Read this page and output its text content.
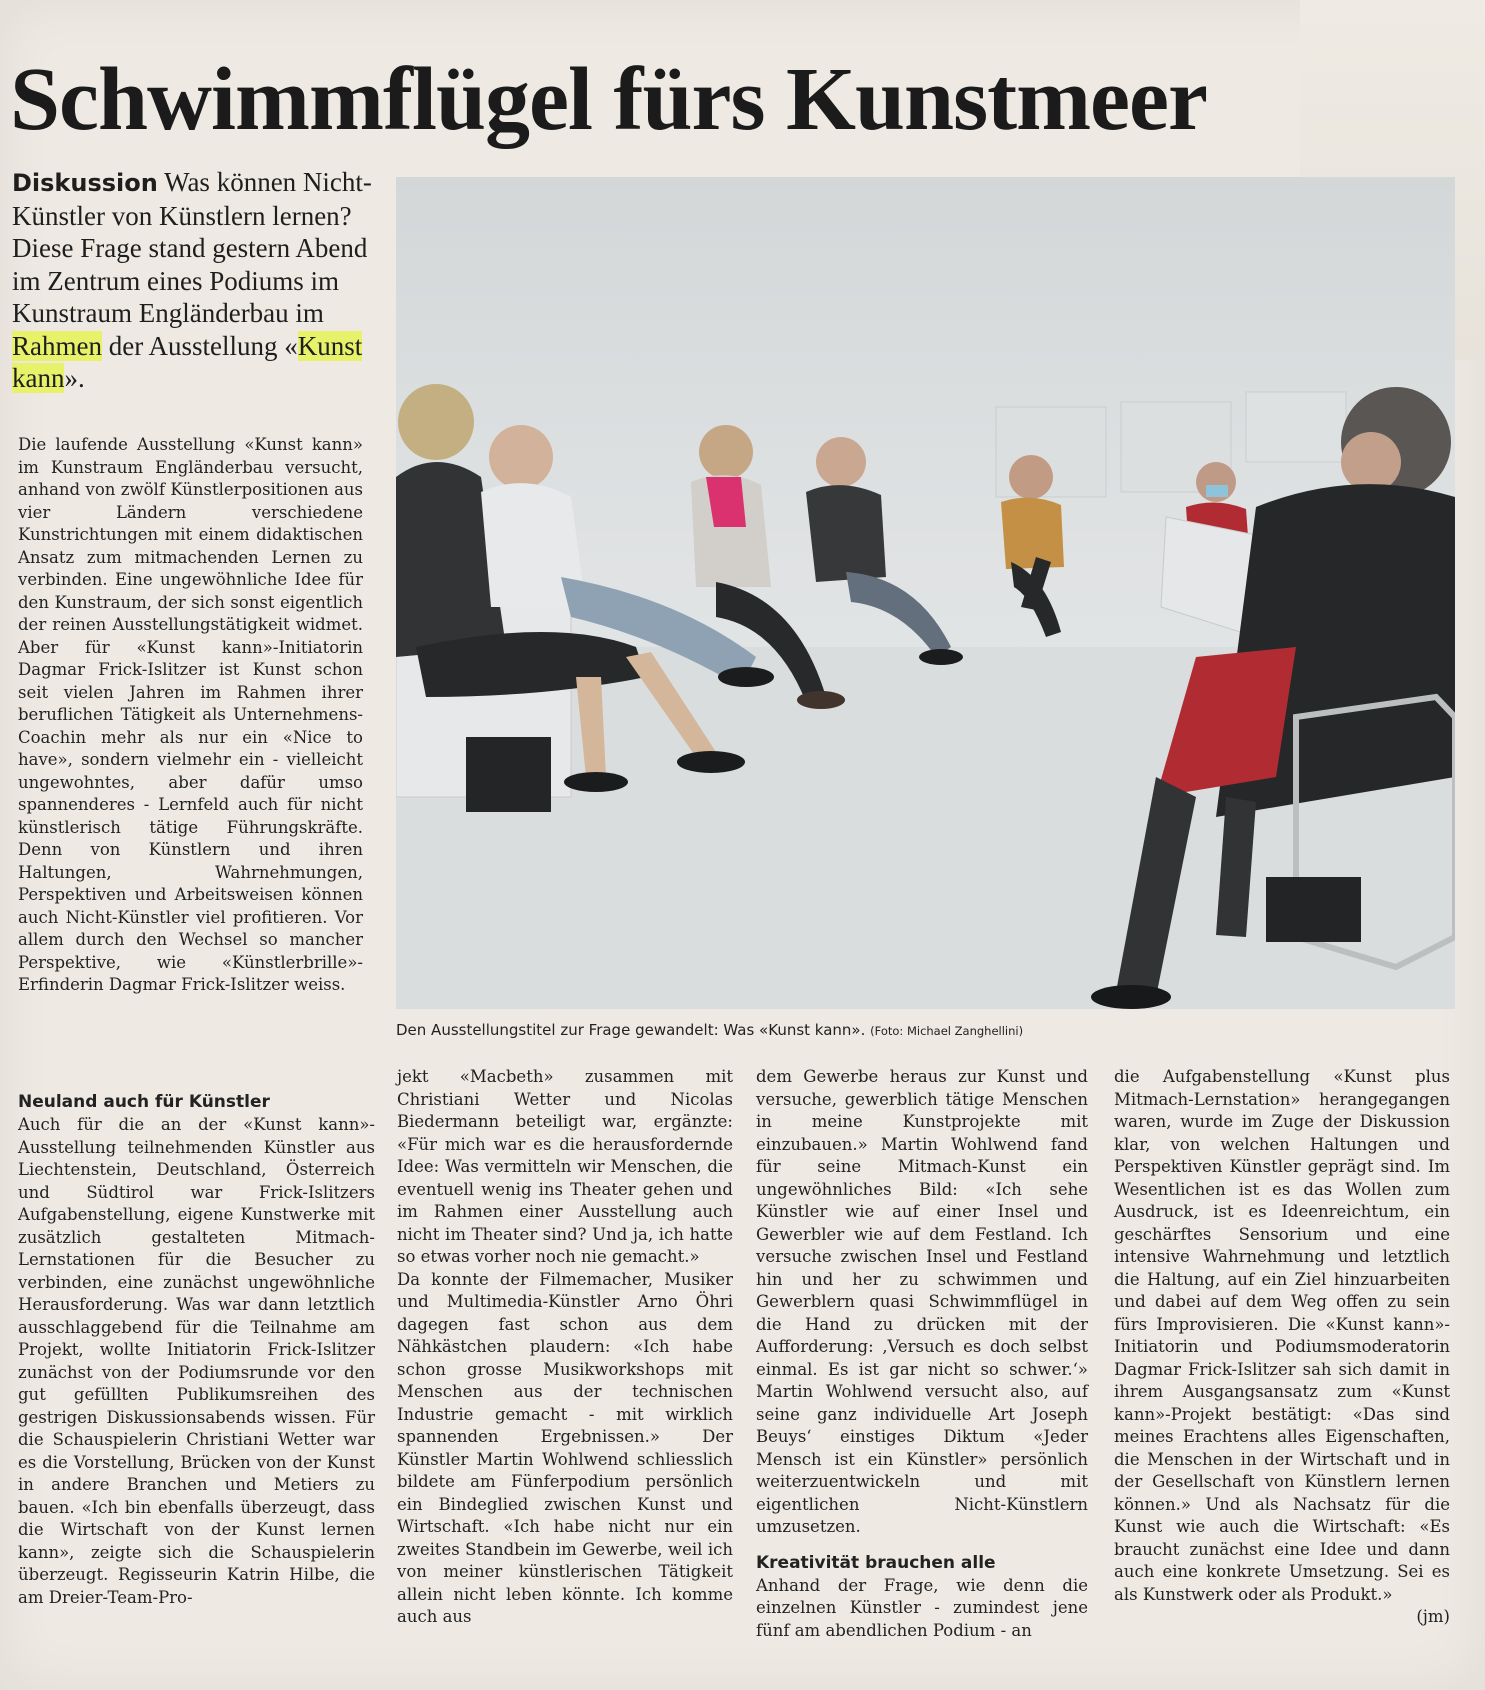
Schwimmflügel fürs Kunstmeer
Diskussion Was können Nicht-Künstler von Künstlern lernen? Diese Frage stand gestern Abend im Zentrum eines Podiums im Kunstraum Engländerbau im Rahmen der Ausstellung «Kunst kann».
Den Ausstellungstitel zur Frage gewandelt: Was «Kunst kann». (Foto: Michael Zanghellini)

Die laufende Ausstellung «Kunst kann» im Kunstraum Engländerbau versucht, anhand von zwölf Künstlerpositionen aus vier Ländern verschiedene Kunstrichtungen mit einem didaktischen Ansatz zum mitmachenden Lernen zu verbinden. Eine ungewöhnliche Idee für den Kunstraum, der sich sonst eigentlich der reinen Ausstellungstätigkeit widmet. Aber für «Kunst kann»-Initiatorin Dagmar Frick-Islitzer ist Kunst schon seit vielen Jahren im Rahmen ihrer beruflichen Tätigkeit als Unternehmens-Coachin mehr als nur ein «Nice to have», sondern vielmehr ein - vielleicht ungewohntes, aber dafür umso spannenderes - Lernfeld auch für nicht künstlerisch tätige Führungskräfte. Denn von Künstlern und ihren Haltungen, Wahrnehmungen, Perspektiven und Arbeitsweisen können auch Nicht-Künstler viel profitieren. Vor allem durch den Wechsel so mancher Perspektive, wie «Künstlerbrille»-Erfinderin Dagmar Frick-Islitzer weiss.

Neuland auch für Künstler

Auch für die an der «Kunst kann»-Ausstellung teilnehmenden Künstler aus Liechtenstein, Deutschland, Österreich und Südtirol war Frick-Islitzers Aufgabenstellung, eigene Kunstwerke mit zusätzlich gestalteten Mitmach-Lernstationen für die Besucher zu verbinden, eine zunächst ungewöhnliche Herausforderung. Was war dann letztlich ausschlaggebend für die Teilnahme am Projekt, wollte Initiatorin Frick-Islitzer zunächst von der Podiumsrunde vor den gut gefüllten Publikumsreihen des gestrigen Diskussionsabends wissen. Für die Schauspielerin Christiani Wetter war es die Vorstellung, Brücken von der Kunst in andere Branchen und Metiers zu bauen. «Ich bin ebenfalls überzeugt, dass die Wirtschaft von der Kunst lernen kann», zeigte sich die Schauspielerin überzeugt. Regisseurin Katrin Hilbe, die am Dreier-Team-Pro-

jekt «Macbeth» zusammen mit Christiani Wetter und Nicolas Biedermann beteiligt war, ergänzte: «Für mich war es die herausfordernde Idee: Was vermitteln wir Menschen, die eventuell wenig ins Theater gehen und im Rahmen einer Ausstellung auch nicht im Theater sind? Und ja, ich hatte so etwas vorher noch nie gemacht.»

Da konnte der Filmemacher, Musiker und Multimedia-Künstler Arno Öhri dagegen fast schon aus dem Nähkästchen plaudern: «Ich habe schon grosse Musikworkshops mit Menschen aus der technischen Industrie gemacht - mit wirklich spannenden Ergebnissen.» Der Künstler Martin Wohlwend schliesslich bildete am Fünferpodium persönlich ein Bindeglied zwischen Kunst und Wirtschaft. «Ich habe nicht nur ein zweites Standbein im Gewerbe, weil ich von meiner künstlerischen Tätigkeit allein nicht leben könnte. Ich komme auch aus

dem Gewerbe heraus zur Kunst und versuche, gewerblich tätige Menschen in meine Kunstprojekte mit einzubauen.» Martin Wohlwend fand für seine Mitmach-Kunst ein ungewöhnliches Bild: «Ich sehe Künstler wie auf einer Insel und Gewerbler wie auf dem Festland. Ich versuche zwischen Insel und Festland hin und her zu schwimmen und Gewerblern quasi Schwimmflügel in die Hand zu drücken mit der Aufforderung: ‚Versuch es doch selbst einmal. Es ist gar nicht so schwer.‘» Martin Wohlwend versucht also, auf seine ganz individuelle Art Joseph Beuys‘ einstiges Diktum «Jeder Mensch ist ein Künstler» persönlich weiterzuentwickeln und mit eigentlichen Nicht-Künstlern umzusetzen.

Kreativität brauchen alle

Anhand der Frage, wie denn die einzelnen Künstler - zumindest jene fünf am abendlichen Podium - an

die Aufgabenstellung «Kunst plus Mitmach-Lernstation» herangegangen waren, wurde im Zuge der Diskussion klar, von welchen Haltungen und Perspektiven Künstler geprägt sind. Im Wesentlichen ist es das Wollen zum Ausdruck, ist es Ideenreichtum, ein geschärftes Sensorium und eine intensive Wahrnehmung und letztlich die Haltung, auf ein Ziel hinzuarbeiten und dabei auf dem Weg offen zu sein fürs Improvisieren. Die «Kunst kann»-Initiatorin und Podiumsmoderatorin Dagmar Frick-Islitzer sah sich damit in ihrem Ausgangsansatz zum «Kunst kann»-Projekt bestätigt: «Das sind meines Erachtens alles Eigenschaften, die Menschen in der Wirtschaft und in der Gesellschaft von Künstlern lernen können.» Und als Nachsatz für die Kunst wie auch die Wirtschaft: «Es braucht zunächst eine Idee und dann auch eine konkrete Umsetzung. Sei es als Kunstwerk oder als Produkt.»

(jm)
